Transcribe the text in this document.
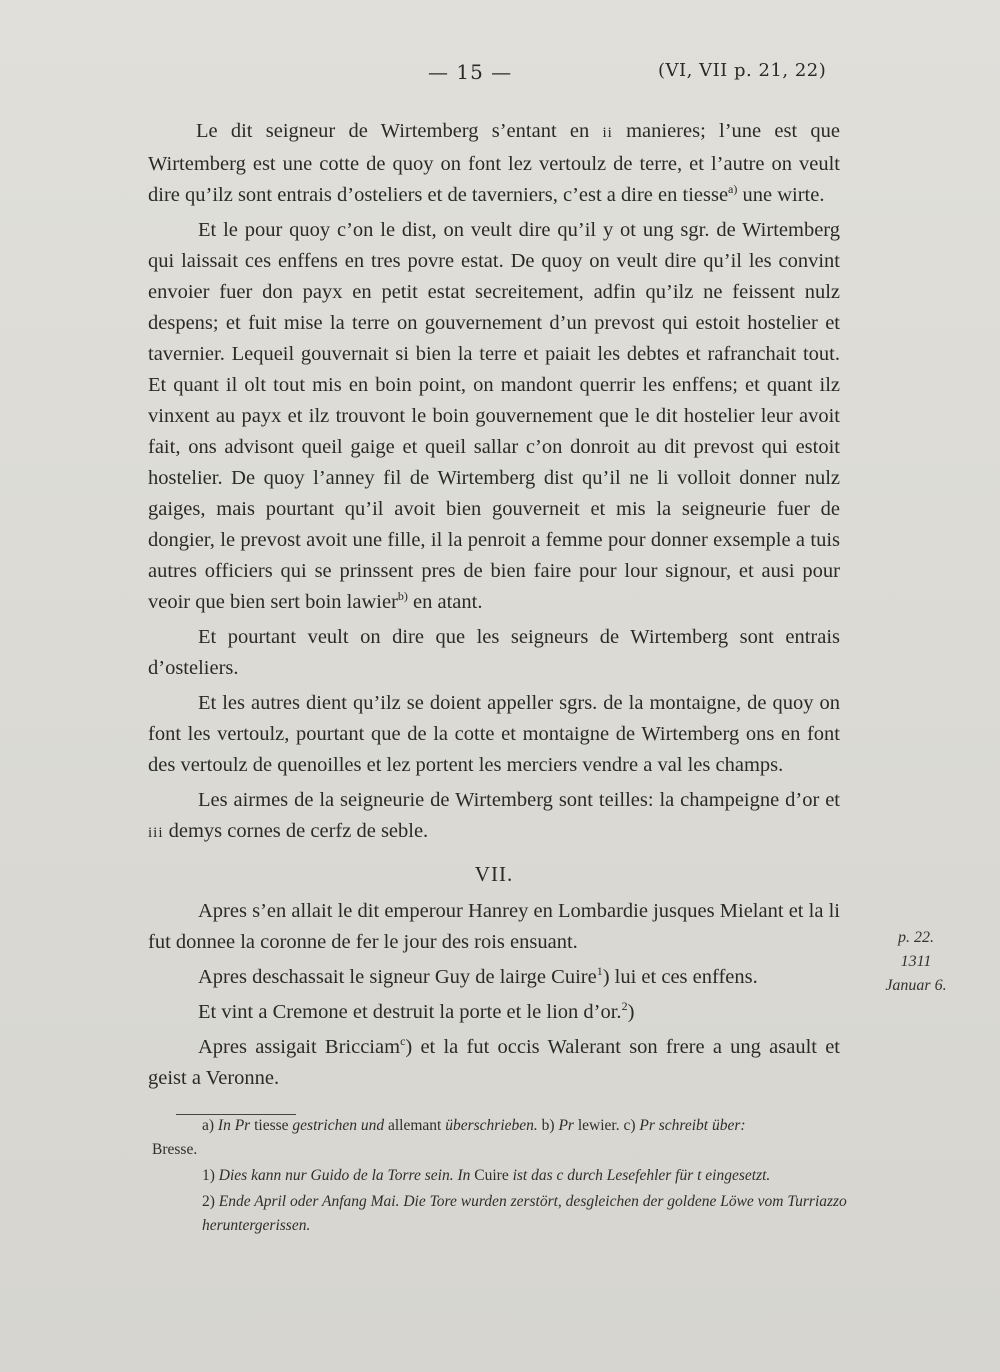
— 15 —	(VI, VII p. 21, 22)

Le dit seigneur de Wirtemberg s’entant en ii manieres; l’une est que Wirtemberg est une cotte de quoy on font lez vertoulz de terre, et l’autre on veult dire qu’ilz sont entrais d’osteliers et de taverniers, c’est a dire en tiesse$^{a)}$ une wirte.

Et le pour quoy c’on le dist, on veult dire qu’il y ot ung sgr. de Wirtemberg qui laissait ces enffens en tres povre estat. De quoy on veult dire qu’il les convint envoier fuer don payx en petit estat secreitement, adfin qu’ilz ne feissent nulz despens; et fuit mise la terre on gouvernement d’un prevost qui estoit hostelier et tavernier. Lequeil gouvernait si bien la terre et paiait les debtes et rafranchait tout. Et quant il olt tout mis en boin point, on mandont querrir les enffens; et quant ilz vinxent au payx et ilz trouvont le boin gouvernement que le dit hostelier leur avoit fait, ons advisont queil gaige et queil sallar c’on donroit au dit prevost qui estoit hostelier. De quoy l’anney fil de Wirtemberg dist qu’il ne li volloit donner nulz gaiges, mais pourtant qu’il avoit bien gouverneit et mis la seigneurie fuer de dongier, le prevost avoit une fille, il la penroit a femme pour donner exsemple a tuis autres officiers qui se prinssent pres de bien faire pour lour signour, et ausi pour veoir que bien sert boin lawier$^{b)}$ en atant.

Et pourtant veult on dire que les seigneurs de Wirtemberg sont entrais d’osteliers.

Et les autres dient qu’ilz se doient appeller sgrs. de la montaigne, de quoy on font les vertoulz, pourtant que de la cotte et montaigne de Wirtemberg ons en font des vertoulz de quenoilles et lez portent les merciers vendre a val les champs.

Les airmes de la seigneurie de Wirtemberg sont teilles: la champeigne d’or et iii demys cornes de cerfz de seble.

VII.

Apres s’en allait le dit emperour Hanrey en Lombardie jusques Mielant et la li fut donnee la coronne de fer le jour des rois ensuant.

Apres deschassait le signeur Guy de lairge Cuire$^1$) lui et ces enffens.

Et vint a Cremone et destruit la porte et le lion d’or.$^2$)

Apres assigait Bricciam$^c$) et la fut occis Walerant son frere a ung asault et geist a Veronne.

p. 22.
1311
Januar 6.
a) In Pr tiesse gestrichen und allemant überschrieben. b) Pr lewier. c) Pr schreibt über:
Bresse.
1) Dies kann nur Guido de la Torre sein. In Cuire ist das c durch Lesefehler für t eingesetzt.
2) Ende April oder Anfang Mai. Die Tore wurden zerstört, desgleichen der goldene Löwe vom Turriazzo heruntergerissen.
